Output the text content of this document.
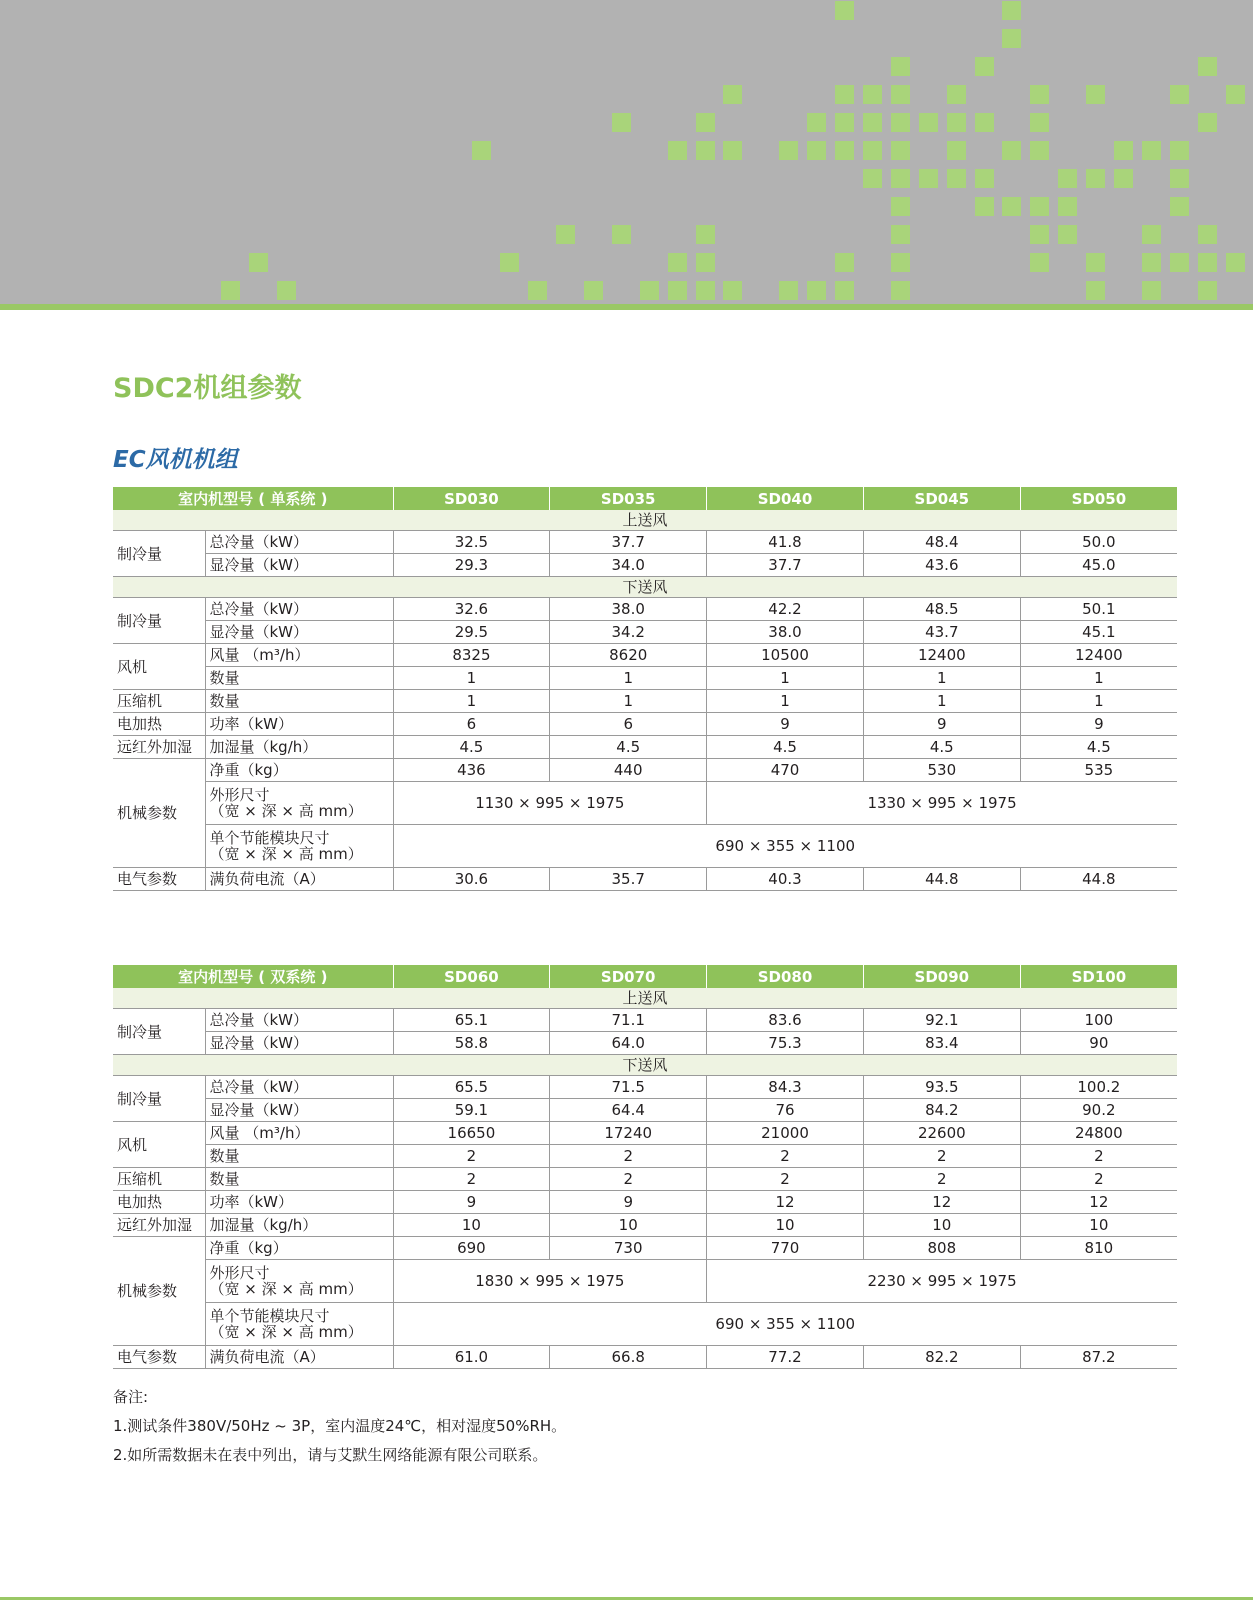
SDC2机组参数
EC风机机组
室内机型号 ( 单系统 )		SD030	SD035	SD040	SD045	SD050
上送风						
制冷量	总冷量（kW）	32.5	37.7	41.8	48.4	50.0
	显冷量（kW）	29.3	34.0	37.7	43.6	45.0
下送风						
制冷量	总冷量（kW）	32.6	38.0	42.2	48.5	50.1
	显冷量（kW）	29.5	34.2	38.0	43.7	45.1
风机	风量 （m³/h）	8325	8620	10500	12400	12400
	数量	1	1	1	1	1
压缩机	数量	1	1	1	1	1
电加热	功率（kW）	6	6	9	9	9
远红外加湿	加湿量（kg/h）	4.5	4.5	4.5	4.5	4.5
机械参数	净重（kg）	436	440	470	530	535

	外形尺寸
（宽 × 深 × 高 mm）	1130 × 995 × 1975		1330 × 995 × 1975		

	单个节能模块尺寸
（宽 × 深 × 高 mm）	690 × 355 × 1100				
电气参数	满负荷电流（A）	30.6	35.7	40.3	44.8	44.8
室内机型号 ( 双系统 )		SD060	SD070	SD080	SD090	SD100
上送风						
制冷量	总冷量（kW）	65.1	71.1	83.6	92.1	100
	显冷量（kW）	58.8	64.0	75.3	83.4	90
下送风						
制冷量	总冷量（kW）	65.5	71.5	84.3	93.5	100.2
	显冷量（kW）	59.1	64.4	76	84.2	90.2
风机	风量 （m³/h）	16650	17240	21000	22600	24800
	数量	2	2	2	2	2
压缩机	数量	2	2	2	2	2
电加热	功率（kW）	9	9	12	12	12
远红外加湿	加湿量（kg/h）	10	10	10	10	10
机械参数	净重（kg）	690	730	770	808	810

	外形尺寸
（宽 × 深 × 高 mm）	1830 × 995 × 1975		2230 × 995 × 1975		

	单个节能模块尺寸
（宽 × 深 × 高 mm）	690 × 355 × 1100				
电气参数	满负荷电流（A）	61.0	66.8	77.2	82.2	87.2

备注:

1.测试条件380V/50Hz ~ 3P，室内温度24℃，相对湿度50%RH。

2.如所需数据未在表中列出，请与艾默生网络能源有限公司联系。
